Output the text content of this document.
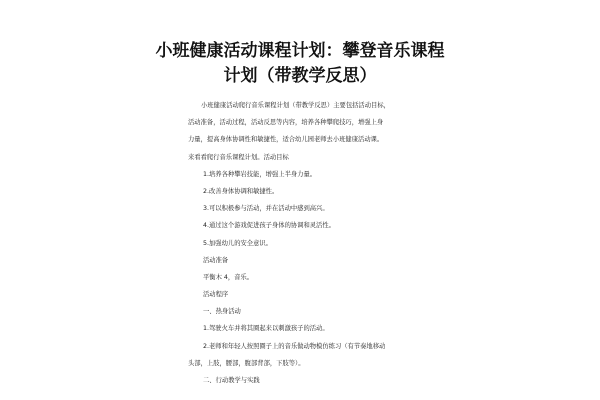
小班健康活动课程计划：攀登音乐课程
计划（带教学反思）
小班健康活动爬行音乐课程计划（带教学反思）主要包括活动目标，
活动准备，活动过程，活动反思等内容，培养各种攀爬技巧，增强上身
力量，提高身体协调性和敏捷性，适合幼儿园老师去小班健康活动课。
来看看爬行音乐课程计划。活动目标
1.培养各种攀岩技能，增强上半身力量。
2.改善身体协调和敏捷性。
3.可以积极参与活动，并在活动中感到高兴。
4.通过这个游戏促进孩子身体的协调和灵活性。
5.加强幼儿的安全意识。
活动准备
平衡木 4，音乐。
活动程序
一、热身活动
1.驾驶火车并将其圈起来以刺激孩子的活动。
2.老师和年轻人按照圈子上的音乐做动物模仿练习（有节奏地移动
头部，上肢，腰部，腹部背部，下肢等）。
二、行动教学与实践
